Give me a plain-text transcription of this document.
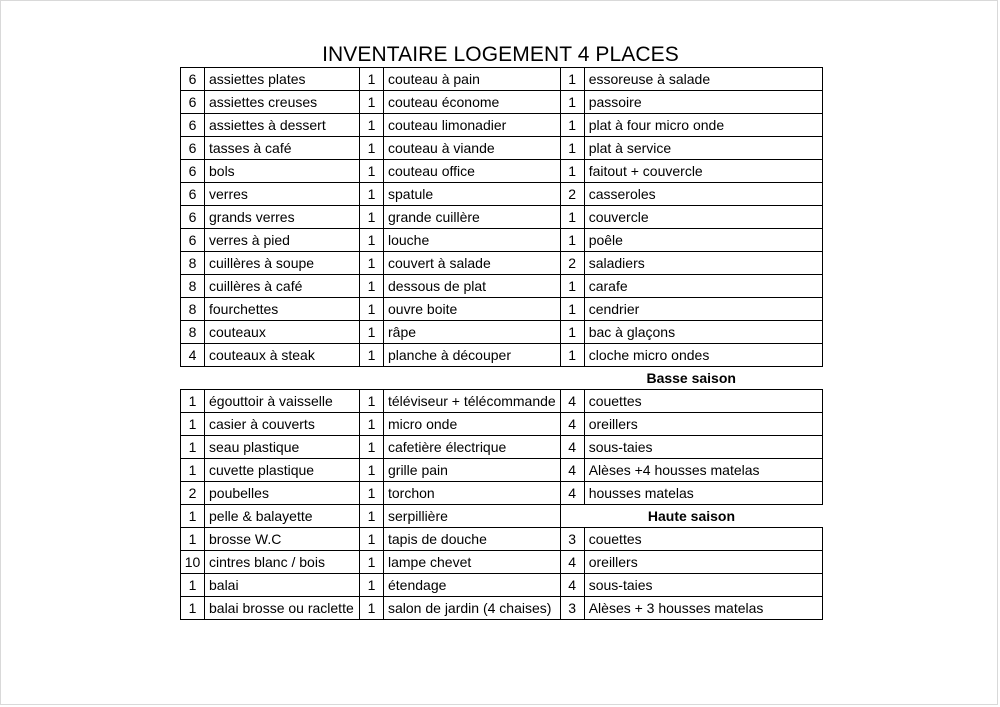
INVENTAIRE LOGEMENT 4 PLACES
6	assiettes plates	1	couteau à pain	1	essoreuse à salade
6	assiettes creuses	1	couteau économe	1	passoire
6	assiettes à dessert	1	couteau limonadier	1	plat à four micro onde
6	tasses à café	1	couteau à viande	1	plat à service
6	bols	1	couteau office	1	faitout + couvercle
6	verres	1	spatule	2	casseroles
6	grands verres	1	grande cuillère	1	couvercle
6	verres à pied	1	louche	1	poêle
8	cuillères à soupe	1	couvert à salade	2	saladiers
8	cuillères à café	1	dessous de plat	1	carafe
8	fourchettes	1	ouvre boite	1	cendrier
8	couteaux	1	râpe	1	bac à glaçons
4	couteaux à steak	1	planche à découper	1	cloche micro ondes
				Basse saison	
1	égouttoir à vaisselle	1	téléviseur + télécommande	4	couettes
1	casier à couverts	1	micro onde	4	oreillers
1	seau plastique	1	cafetière électrique	4	sous-taies
1	cuvette plastique	1	grille pain	4	Alèses +4 housses matelas
2	poubelles	1	torchon	4	housses matelas
1	pelle & balayette	1	serpillière	Haute saison	
1	brosse W.C	1	tapis de douche	3	couettes
10	cintres blanc / bois	1	lampe chevet	4	oreillers
1	balai	1	étendage	4	sous-taies
1	balai brosse ou raclette	1	salon de jardin (4 chaises)	3	Alèses + 3 housses matelas
